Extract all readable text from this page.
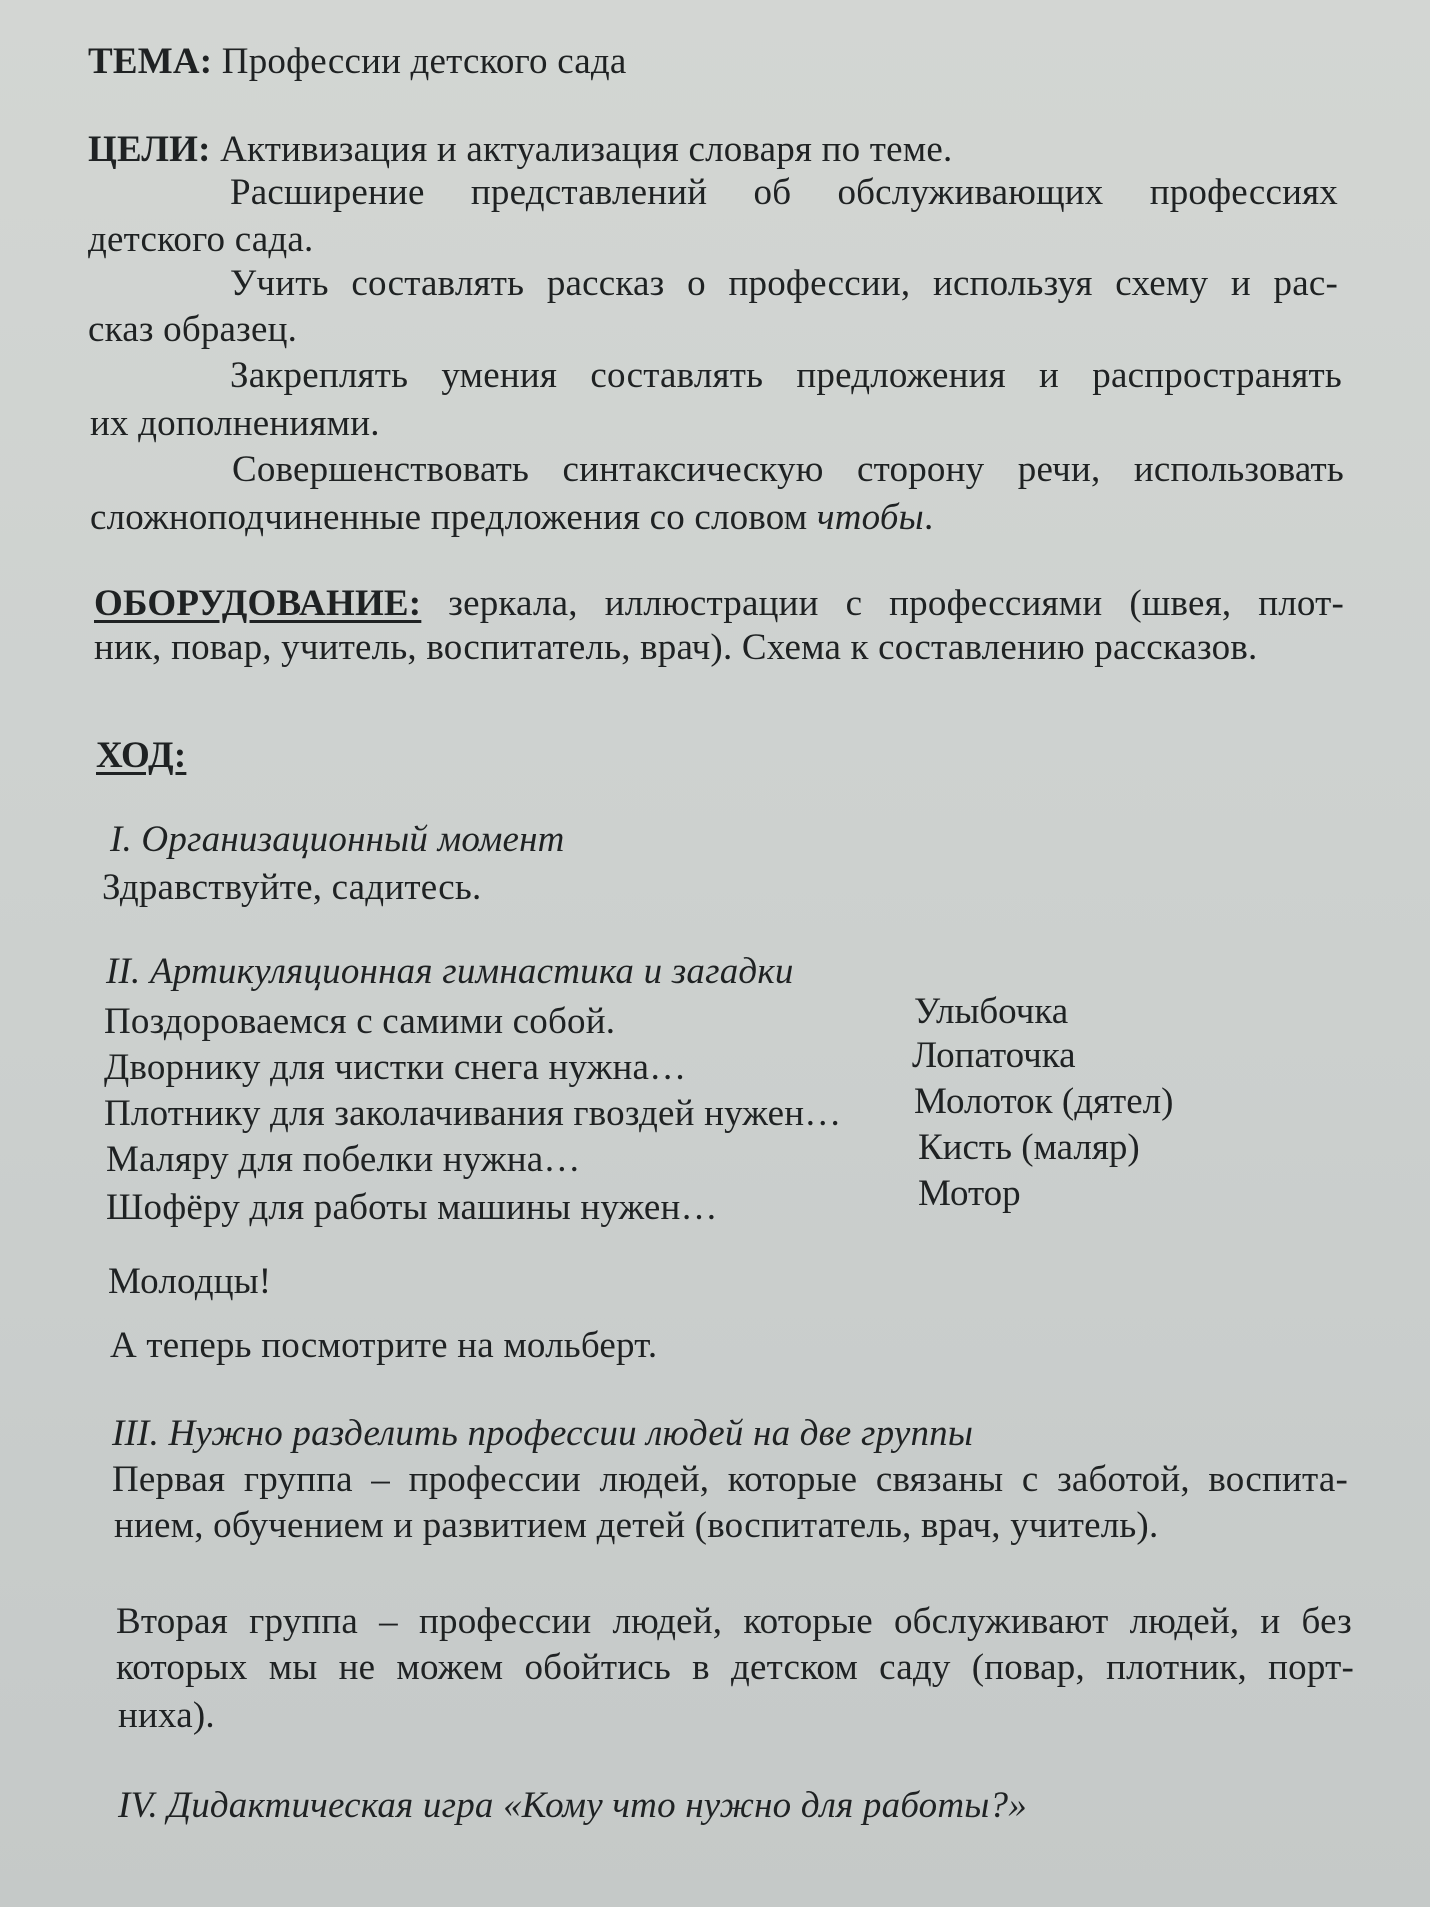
ТЕМА: Профессии детского сада
ЦЕЛИ: Активизация и актуализация словаря по теме.
Расширение представлений об обслуживающих профессиях
детского сада.
Учить составлять рассказ о профессии, используя схему и рас-
сказ образец.
Закреплять умения составлять предложения и распространять
их дополнениями.
Совершенствовать синтаксическую сторону речи, использовать
сложноподчиненные предложения со словом чтобы.
ОБОРУДОВАНИЕ: зеркала, иллюстрации с профессиями (швея, плот-
ник, повар, учитель, воспитатель, врач). Схема к составлению рассказов.
ХОД:
I. Организационный момент
Здравствуйте, садитесь.
II. Артикуляционная гимнастика и загадки
Поздороваемся с самими собой.	Улыбочка
Дворнику для чистки снега нужна…	Лопаточка
Плотнику для заколачивания гвоздей нужен… Молоток (дятел)
Маляру для побелки нужна…	Кисть (маляр)
Шофёру для работы машины нужен…	Мотор
Молодцы!
А теперь посмотрите на мольберт.
III. Нужно разделить профессии людей на две группы
Первая группа – профессии людей, которые связаны с заботой, воспита-
нием, обучением и развитием детей (воспитатель, врач, учитель).
Вторая группа – профессии людей, которые обслуживают людей, и без
которых мы не можем обойтись в детском саду (повар, плотник, порт-
ниха).
IV. Дидактическая игра «Кому что нужно для работы?»
